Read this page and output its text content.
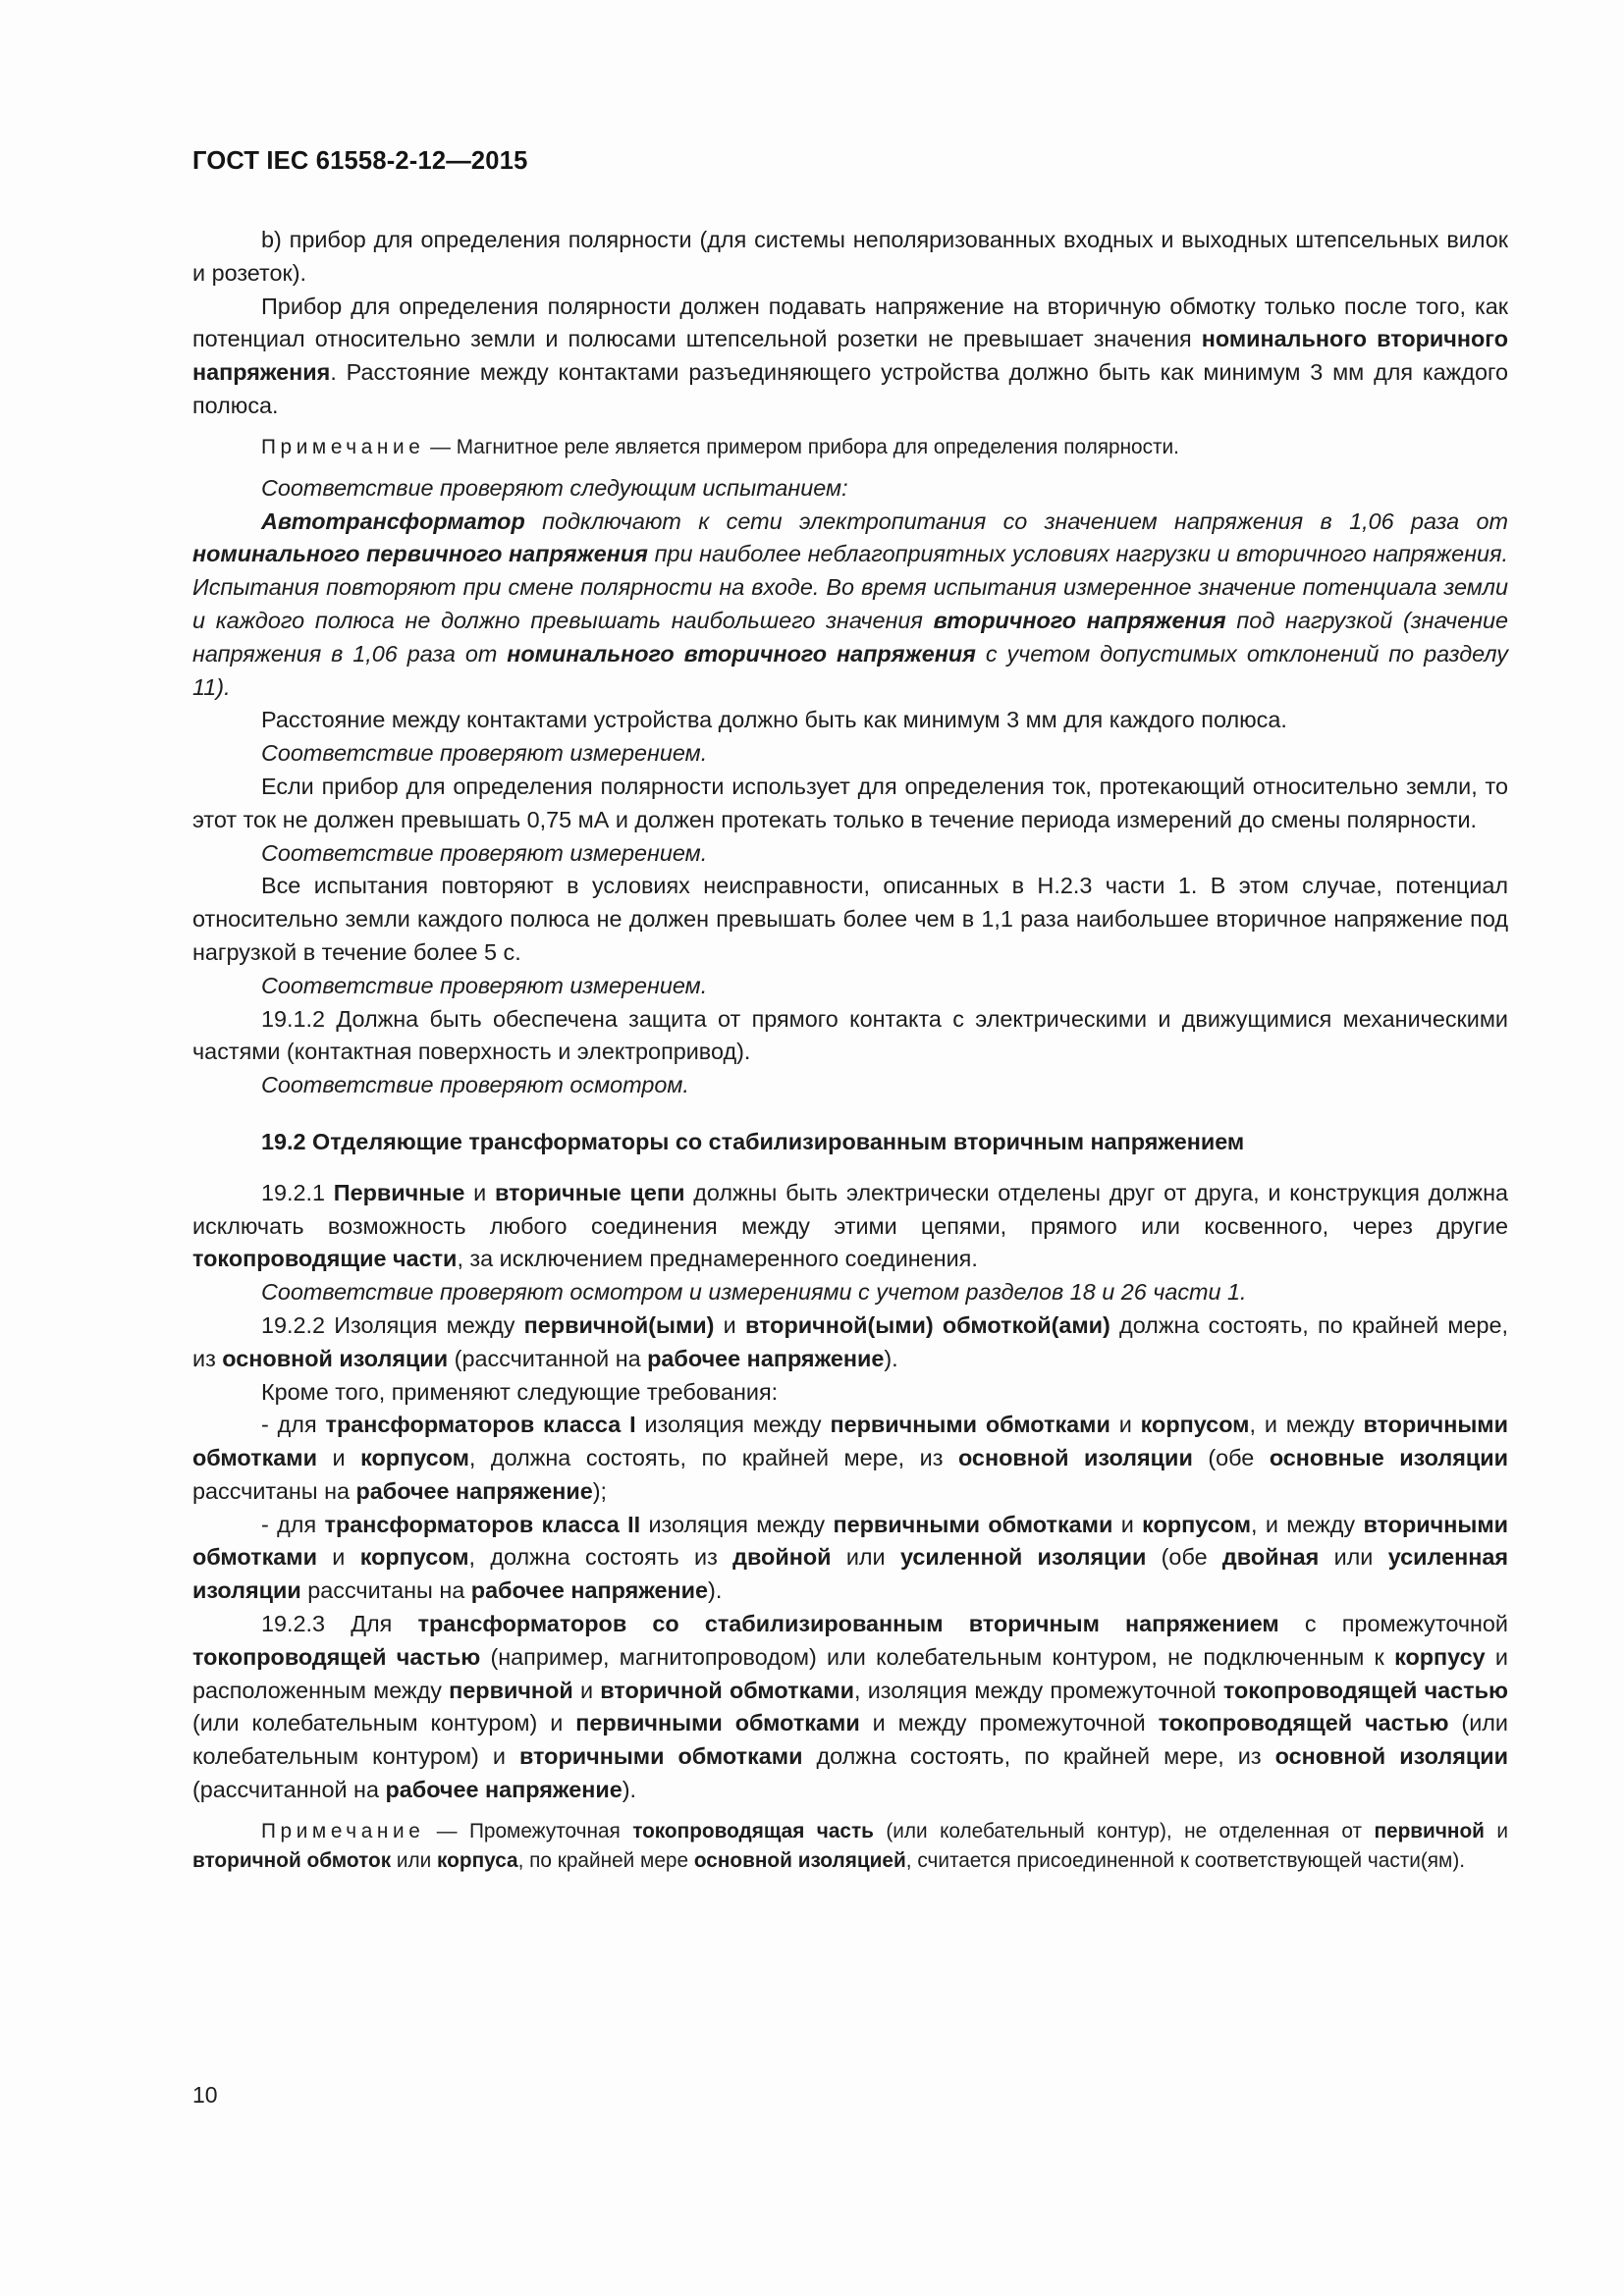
ГОСТ IEC 61558-2-12—2015

b) прибор для определения полярности (для системы неполяризованных входных и выходных штепсельных вилок и розеток).

Прибор для определения полярности должен подавать напряжение на вторичную обмотку только после того, как потенциал относительно земли и полюсами штепсельной розетки не превышает значения номинального вторичного напряжения. Расстояние между контактами разъединяющего устройства должно быть как минимум 3 мм для каждого полюса.

Примечание — Магнитное реле является примером прибора для определения полярности.

Соответствие проверяют следующим испытанием:

Автотрансформатор подключают к сети электропитания со значением напряжения в 1,06 раза от номинального первичного напряжения при наиболее неблагоприятных условиях нагрузки и вторичного напряжения. Испытания повторяют при смене полярности на входе. Во время испытания измеренное значение потенциала земли и каждого полюса не должно превышать наибольшего значения вторичного напряжения под нагрузкой (значение напряжения в 1,06 раза от номинального вторичного напряжения с учетом допустимых отклонений по разделу 11).

Расстояние между контактами устройства должно быть как минимум 3 мм для каждого полюса.

Соответствие проверяют измерением.

Если прибор для определения полярности использует для определения ток, протекающий относительно земли, то этот ток не должен превышать 0,75 мА и должен протекать только в течение периода измерений до смены полярности.

Соответствие проверяют измерением.

Все испытания повторяют в условиях неисправности, описанных в H.2.3 части 1. В этом случае, потенциал относительно земли каждого полюса не должен превышать более чем в 1,1 раза наибольшее вторичное напряжение под нагрузкой в течение более 5 с.

Соответствие проверяют измерением.

19.1.2 Должна быть обеспечена защита от прямого контакта с электрическими и движущимися механическими частями (контактная поверхность и электропривод).

Соответствие проверяют осмотром.

19.2 Отделяющие трансформаторы со стабилизированным вторичным напряжением

19.2.1 Первичные и вторичные цепи должны быть электрически отделены друг от друга, и конструкция должна исключать возможность любого соединения между этими цепями, прямого или косвенного, через другие токопроводящие части, за исключением преднамеренного соединения.

Соответствие проверяют осмотром и измерениями с учетом разделов 18 и 26 части 1.

19.2.2 Изоляция между первичной(ыми) и вторичной(ыми) обмоткой(ами) должна состоять, по крайней мере, из основной изоляции (рассчитанной на рабочее напряжение).

Кроме того, применяют следующие требования:

- для трансформаторов класса I изоляция между первичными обмотками и корпусом, и между вторичными обмотками и корпусом, должна состоять, по крайней мере, из основной изоляции (обе основные изоляции рассчитаны на рабочее напряжение);

- для трансформаторов класса II изоляция между первичными обмотками и корпусом, и между вторичными обмотками и корпусом, должна состоять из двойной или усиленной изоляции (обе двойная или усиленная изоляции рассчитаны на рабочее напряжение).

19.2.3 Для трансформаторов со стабилизированным вторичным напряжением с промежуточной токопроводящей частью (например, магнитопроводом) или колебательным контуром, не подключенным к корпусу и расположенным между первичной и вторичной обмотками, изоляция между промежуточной токопроводящей частью (или колебательным контуром) и первичными обмотками и между промежуточной токопроводящей частью (или колебательным контуром) и вторичными обмотками должна состоять, по крайней мере, из основной изоляции (рассчитанной на рабочее напряжение).

Примечание — Промежуточная токопроводящая часть (или колебательный контур), не отделенная от первичной и вторичной обмоток или корпуса, по крайней мере основной изоляцией, считается присоединенной к соответствующей части(ям).

10
